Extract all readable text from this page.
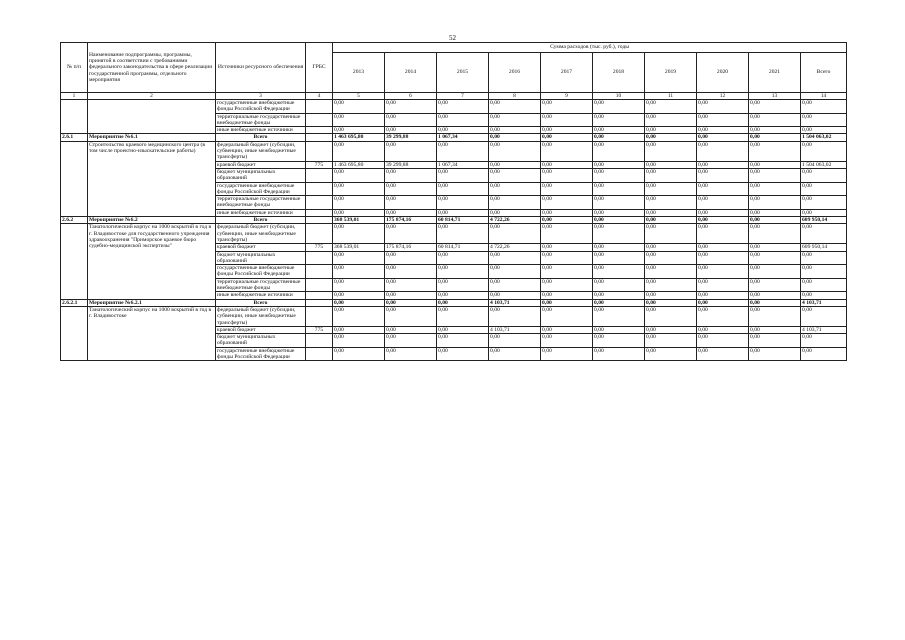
52
№ п/п	Наименование подпрограммы, программы, принятой в соответствии с требованиями федерального законодательства в сфере реализации государственной программы, отдельного мероприятия	Источники ресурсного обеспечения	ГРБС	Сумма расходов (тыс. руб.), годы									
				2013	2014	2015	2016	2017	2018	2019	2020	2021	Всего
1	2	3	4	5	6	7	8	9	10	11	12	13	14
		государственные внебюджетные фонды Российской Федерации		0,00	0,00	0,00	0,00	0,00	0,00	0,00	0,00	0,00	0,00
		территориальные государственные внебюджетные фонды		0,00	0,00	0,00	0,00	0,00	0,00	0,00	0,00	0,00	0,00
		иные внебюджетные источники		0,00	0,00	0,00	0,00	0,00	0,00	0,00	0,00	0,00	0,00
2.6.1	Мероприятие №6.1	Всего		1 463 695,80	39 299,88	1 067,34	0,00	0,00	0,00	0,00	0,00	0,00	1 504 063,02
	Строительство краевого медицинского центра (в том числе проектно-изыскательские работы)	федеральный бюджет (субсидии, субвенции, иные межбюджетные трансферты)		0,00	0,00	0,00	0,00	0,00	0,00	0,00	0,00	0,00	0,00
		краевой бюджет	775	1 463 695,80	39 299,88	1 067,34	0,00	0,00	0,00	0,00	0,00	0,00	1 504 063,02
		бюджет муниципальных образований		0,00	0,00	0,00	0,00	0,00	0,00	0,00	0,00	0,00	0,00
		государственные внебюджетные фонды Российской Федерации		0,00	0,00	0,00	0,00	0,00	0,00	0,00	0,00	0,00	0,00
		территориальные государственные внебюджетные фонды		0,00	0,00	0,00	0,00	0,00	0,00	0,00	0,00	0,00	0,00
		иные внебюджетные источники		0,00	0,00	0,00	0,00	0,00	0,00	0,00	0,00	0,00	0,00
2.6.2	Мероприятие №6.2	Всего		368 539,01	175 874,16	60 814,71	4 722,26	0,00	0,00	0,00	0,00	0,00	609 950,14
	Танатологический корпус на 1000 вскрытий в год в г. Владивостоке для государственного учреждения здравоохранения "Приморское краевое бюро судебно-медицинской экспертизы"	федеральный бюджет (субсидии, субвенции, иные межбюджетные трансферты)		0,00	0,00	0,00	0,00	0,00	0,00	0,00	0,00	0,00	0,00
		краевой бюджет	775	368 539,01	175 874,16	60 814,71	4 722,26	0,00	0,00	0,00	0,00	0,00	609 950,14
		бюджет муниципальных образований		0,00	0,00	0,00	0,00	0,00	0,00	0,00	0,00	0,00	0,00
		государственные внебюджетные фонды Российской Федерации		0,00	0,00	0,00	0,00	0,00	0,00	0,00	0,00	0,00	0,00
		территориальные государственные внебюджетные фонды		0,00	0,00	0,00	0,00	0,00	0,00	0,00	0,00	0,00	0,00
		иные внебюджетные источники		0,00	0,00	0,00	0,00	0,00	0,00	0,00	0,00	0,00	0,00
2.6.2.1	Мероприятие №6.2.1	Всего		0,00	0,00	0,00	4 103,71	0,00	0,00	0,00	0,00	0,00	4 103,71
	Танатологический корпус на 1000 вскрытий в год в г. Владивостоке	федеральный бюджет (субсидии, субвенции, иные межбюджетные трансферты)		0,00	0,00	0,00	0,00	0,00	0,00	0,00	0,00	0,00	0,00
		краевой бюджет	775	0,00	0,00	0,00	4 103,71	0,00	0,00	0,00	0,00	0,00	4 103,71
		бюджет муниципальных образований		0,00	0,00	0,00	0,00	0,00	0,00	0,00	0,00	0,00	0,00
		государственные внебюджетные фонды Российской Федерации		0,00	0,00	0,00	0,00	0,00	0,00	0,00	0,00	0,00	0,00
